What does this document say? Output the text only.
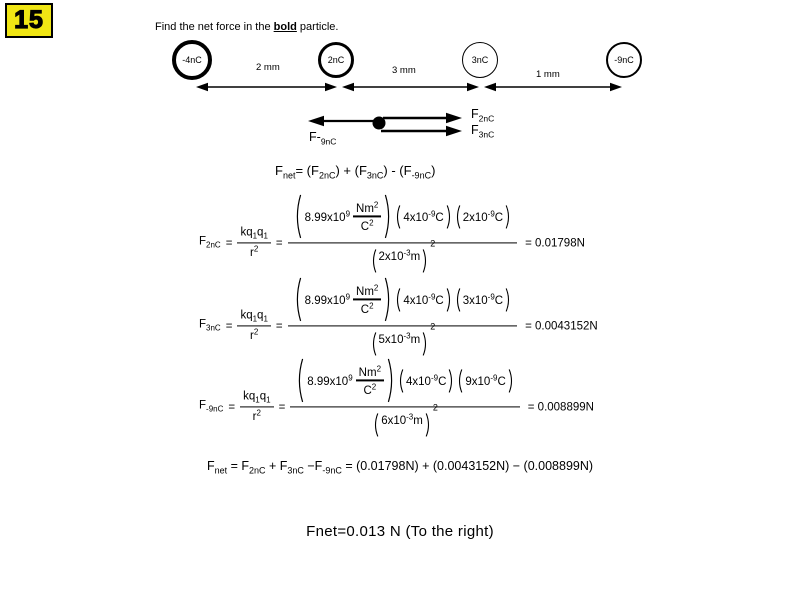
15	Find the net force in the bold particle.
-4nC	2nC	3nC	-9nC
2 mm	3 mm	1 mm
$F_{2nC}$
$F_{3nC}$
$F-_{9nC}$
$F_{net}= (F_{2nC}) + (F_{3nC}) - (F_{-9nC})$
$F_{2nC} = \frac{kq_1q_1}{r^2}$ =
$8.99x10^9 \frac{Nm^2}{C^2} 4x10^{-9}C$ $2x10^{-9}C$
$2x10^{-3}m$
2	= 0.01798N
$F_{3nC} = \frac{kq_1q_1}{r^2}$ =
$8.99x10^9 \frac{Nm^2}{C^2} 4x10^{-9}C$ $3x10^{-9}C$
$5x10^{-3}m$
2	= 0.0043152N
$F_{-9nC} = \frac{kq_1q_1}{r^2}$ =
$8.99x10^9 \frac{Nm^2}{C^2} 4x10^{-9}C$ $9x10^{-9}C$
$6x10^{-3}m$
2	= 0.008899N
$F_{net} = F_{2nC} + F_{3nC} -F_{-9nC} = (0.01798N) + (0.0043152N) - (0.008899N)$
Fnet=0.013 N (To the right)
